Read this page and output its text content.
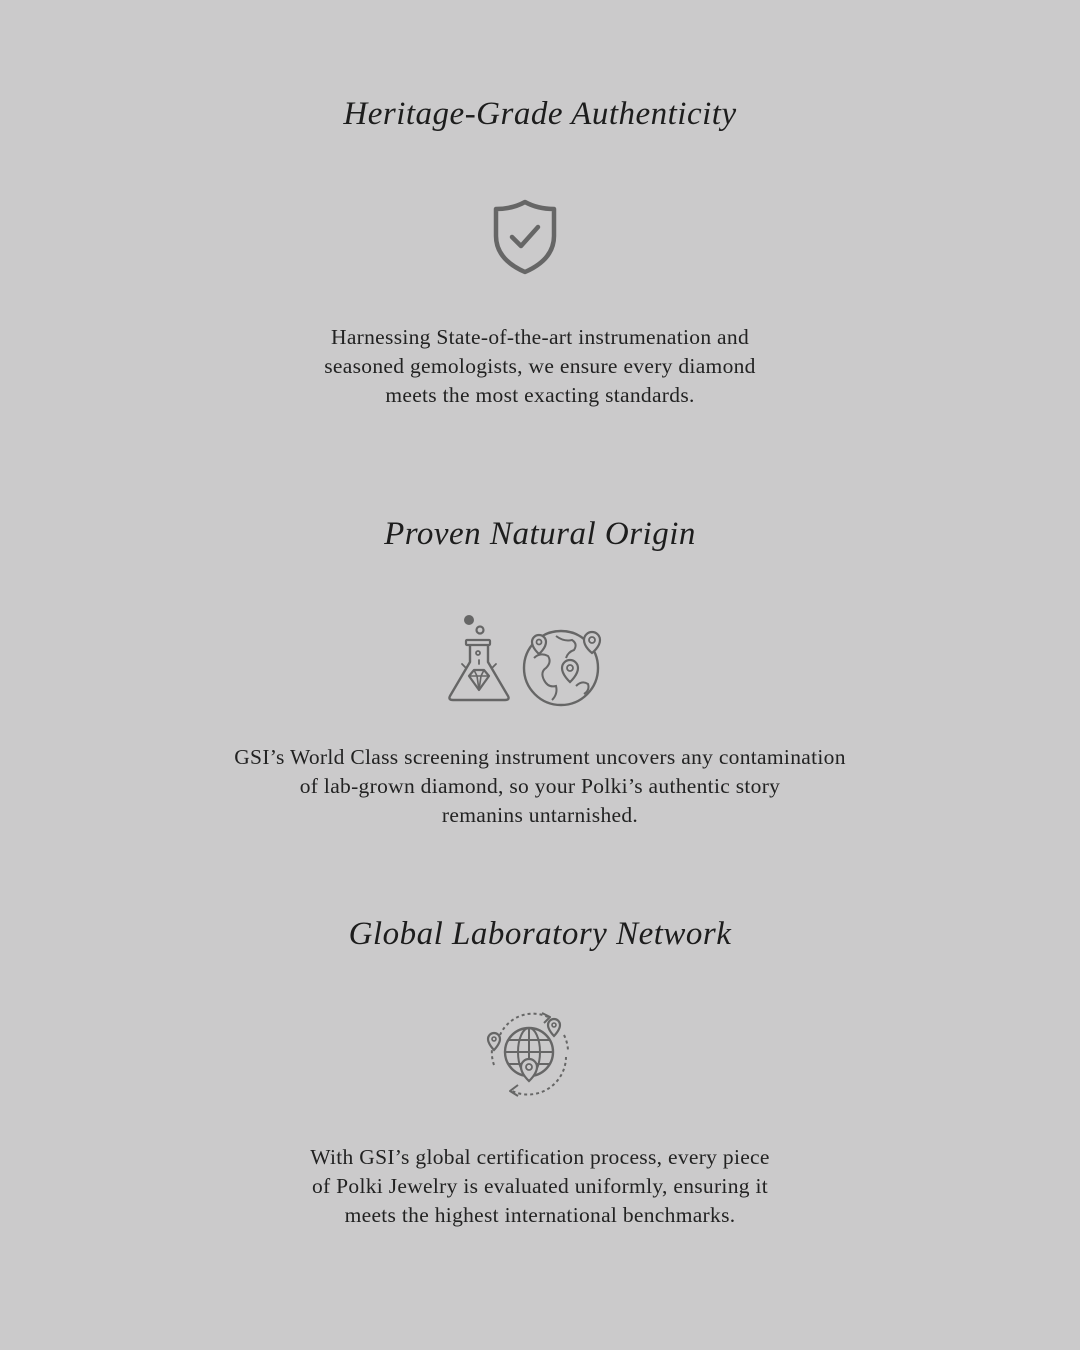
Heritage-Grade Authenticity

Harnessing State-of-the-art instrumenation and
seasoned gemologists, we ensure every diamond
meets the most exacting standards.

Proven Natural Origin

GSI’s World Class screening instrument uncovers any contamination
of lab-grown diamond, so your Polki’s authentic story
remanins untarnished.

Global Laboratory Network

With GSI’s global certification process, every piece
of Polki Jewelry is evaluated uniformly, ensuring it
meets the highest international benchmarks.
